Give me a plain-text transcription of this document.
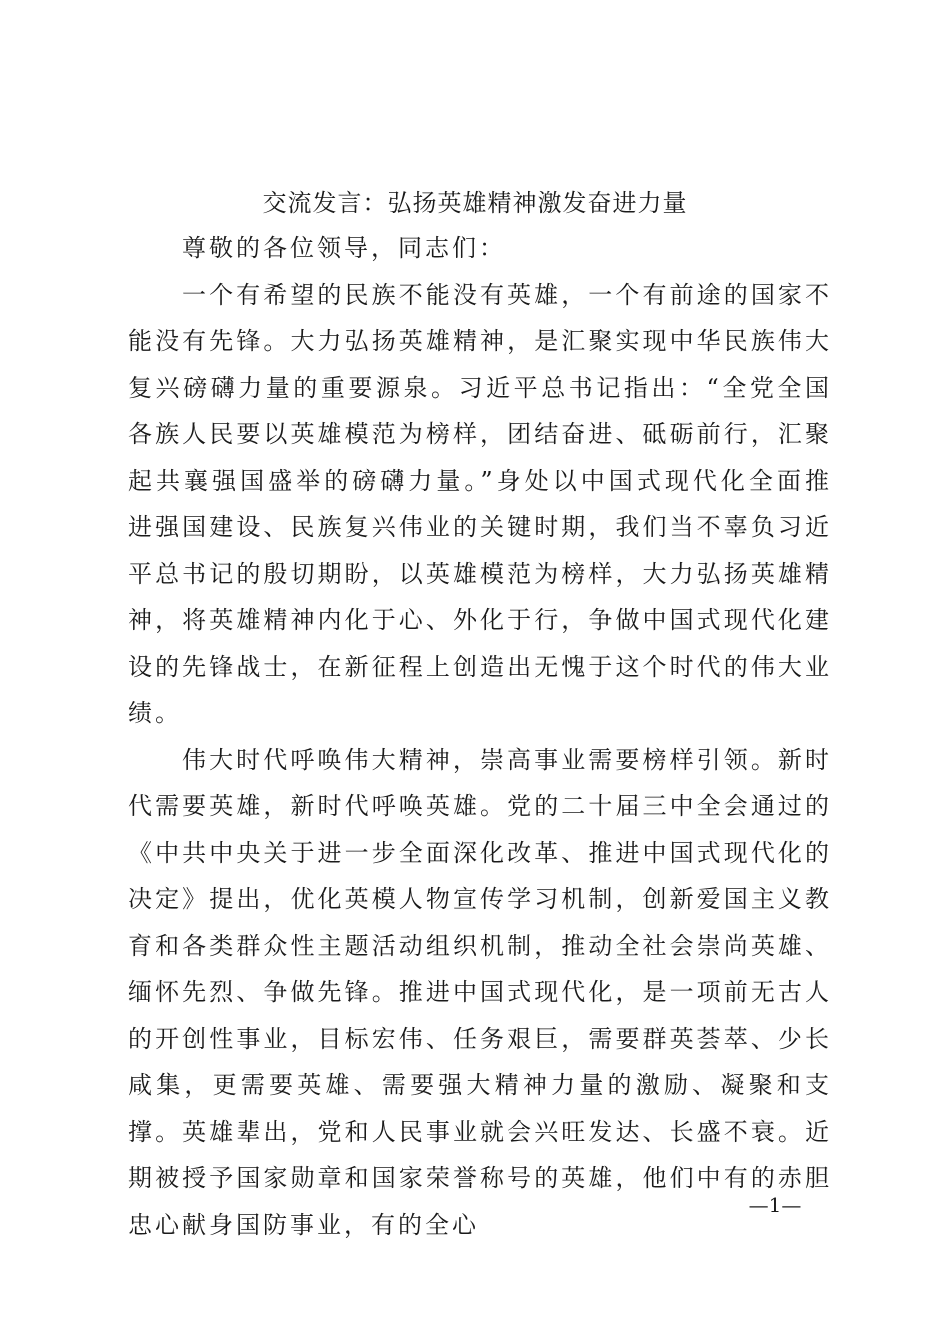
交流发言：弘扬英雄精神激发奋进力量

尊敬的各位领导，同志们：

一个有希望的民族不能没有英雄，一个有前途的国家不能没有先锋。大力弘扬英雄精神，是汇聚实现中华民族伟大复兴磅礴力量的重要源泉。习近平总书记指出：“全党全国各族人民要以英雄模范为榜样，团结奋进、砥砺前行，汇聚起共襄强国盛举的磅礴力量。”身处以中国式现代化全面推进强国建设、民族复兴伟业的关键时期，我们当不辜负习近平总书记的殷切期盼，以英雄模范为榜样，大力弘扬英雄精神，将英雄精神内化于心、外化于行，争做中国式现代化建设的先锋战士，在新征程上创造出无愧于这个时代的伟大业绩。

伟大时代呼唤伟大精神，崇高事业需要榜样引领。新时代需要英雄，新时代呼唤英雄。党的二十届三中全会通过的《中共中央关于进一步全面深化改革、推进中国式现代化的决定》提出，优化英模人物宣传学习机制，创新爱国主义教育和各类群众性主题活动组织机制，推动全社会崇尚英雄、缅怀先烈、争做先锋。推进中国式现代化，是一项前无古人的开创性事业，目标宏伟、任务艰巨，需要群英荟萃、少长咸集，更需要英雄、需要强大精神力量的激励、凝聚和支撑。英雄辈出，党和人民事业就会兴旺发达、长盛不衰。近期被授予国家勋章和国家荣誉称号的英雄，他们中有的赤胆忠心献身国防事业，有的全心

—1—
